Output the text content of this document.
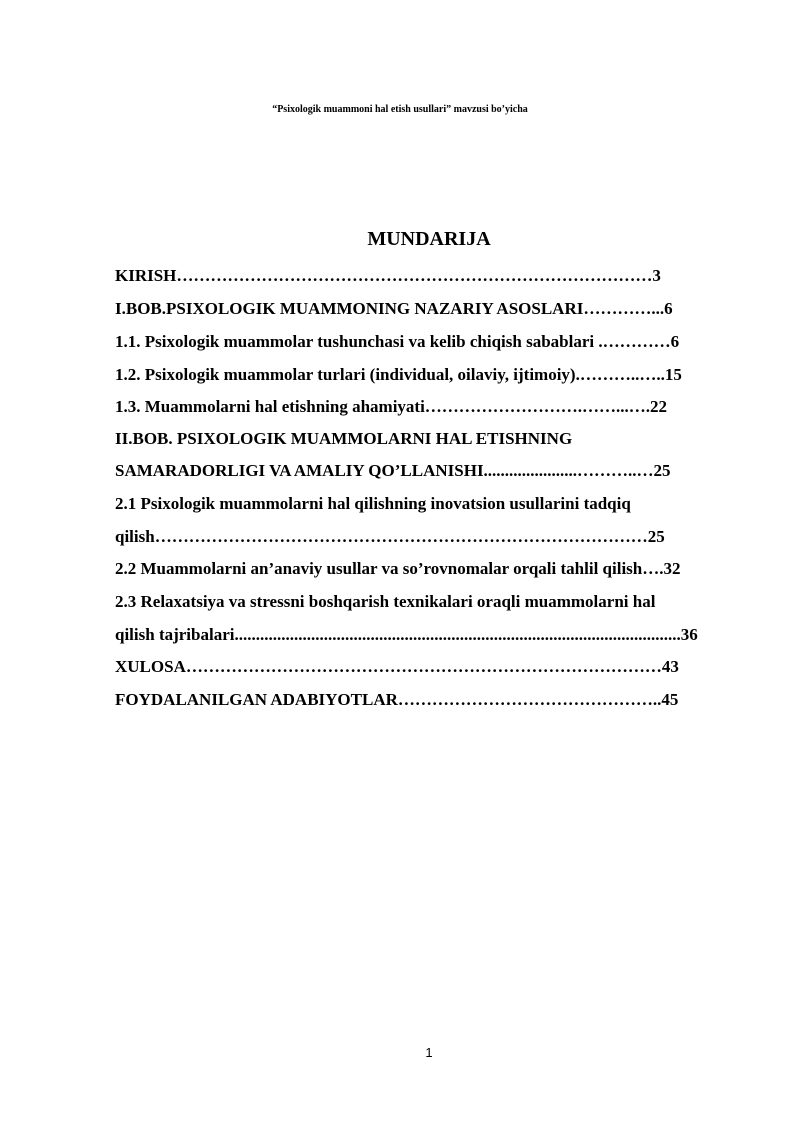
“Psixologik muammoni hal etish usullari” mavzusi bo’yicha
MUNDARIJA
KIRISH…………………………………………………………………………3
I.BOB.PSIXOLOGIK MUAMMONING NAZARIY ASOSLARI…………...6
1.1. Psixologik muammolar tushunchasi va kelib chiqish sabablari .…………6
1.2. Psixologik muammolar turlari (individual, oilaviy, ijtimoiy).………..…..15
1.3. Muammolarni hal etishning ahamiyati……………………….……...….22
II.BOB. PSIXOLOGIK MUAMMOLARNI HAL ETISHNING
SAMARADORLIGI VA AMALIY QO’LLANISHI......................………..…25
2.1 Psixologik muammolarni hal qilishning inovatsion usullarini tadqiq
qilish……………………………………………………………………………25
2.2 Muammolarni an’anaviy usullar va so’rovnomalar orqali tahlil qilish….32
2.3 Relaxatsiya va stressni boshqarish texnikalari oraqli muammolarni hal
qilish tajribalari.........................................................................................................36
XULOSA…………………………………………………………………………43
FOYDALANILGAN ADABIYOTLAR………………………………………..45
1
